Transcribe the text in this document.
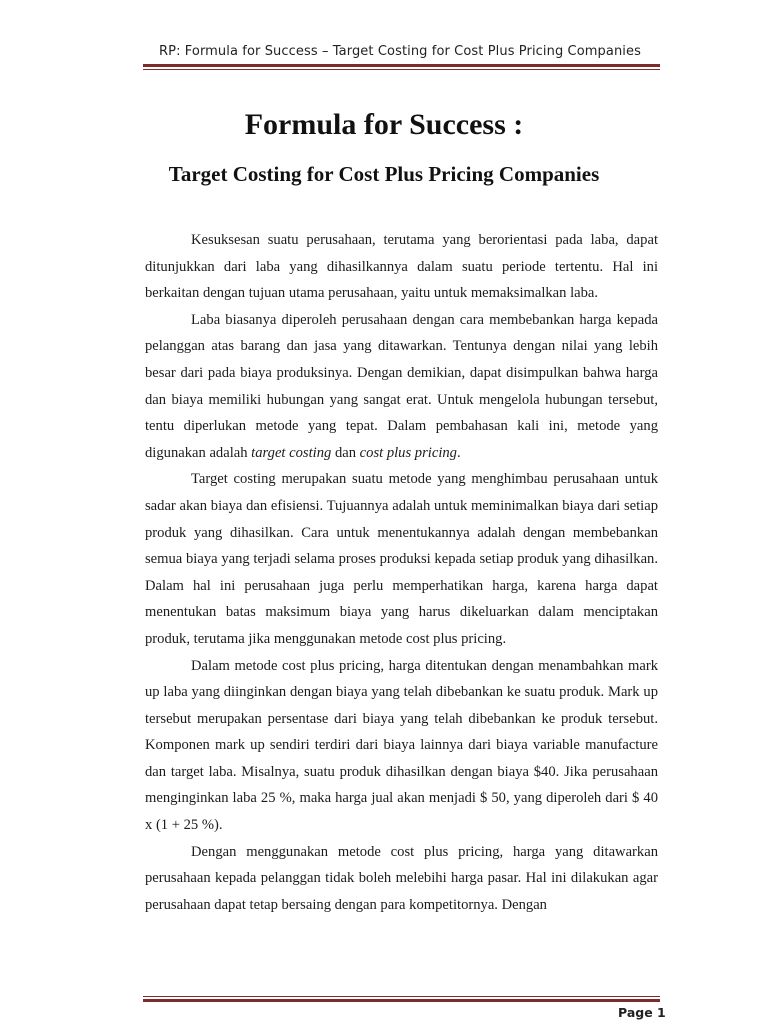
RP: Formula for Success – Target Costing for Cost Plus Pricing Companies
Formula for Success :
Target Costing for Cost Plus Pricing Companies

Kesuksesan suatu perusahaan, terutama yang berorientasi pada laba, dapat ditunjukkan dari laba yang dihasilkannya dalam suatu periode tertentu. Hal ini berkaitan dengan tujuan utama perusahaan, yaitu untuk memaksimalkan laba.

Laba biasanya diperoleh perusahaan dengan cara membebankan harga kepada pelanggan atas barang dan jasa yang ditawarkan. Tentunya dengan nilai yang lebih besar dari pada biaya produksinya. Dengan demikian, dapat disimpulkan bahwa harga dan biaya memiliki hubungan yang sangat erat. Untuk mengelola hubungan tersebut, tentu diperlukan metode yang tepat. Dalam pembahasan kali ini, metode yang digunakan adalah target costing dan cost plus pricing.

Target costing merupakan suatu metode yang menghimbau perusahaan untuk sadar akan biaya dan efisiensi. Tujuannya adalah untuk meminimalkan biaya dari setiap produk yang dihasilkan. Cara untuk menentukannya adalah dengan membebankan semua biaya yang terjadi selama proses produksi kepada setiap produk yang dihasilkan. Dalam hal ini perusahaan juga perlu memperhatikan harga, karena harga dapat menentukan batas maksimum biaya yang harus dikeluarkan dalam menciptakan produk, terutama jika menggunakan metode cost plus pricing.

Dalam metode cost plus pricing, harga ditentukan dengan menambahkan mark up laba yang diinginkan dengan biaya yang telah dibebankan ke suatu produk. Mark up tersebut merupakan persentase dari biaya yang telah dibebankan ke produk tersebut. Komponen mark up sendiri terdiri dari biaya lainnya dari biaya variable manufacture dan target laba. Misalnya, suatu produk dihasilkan dengan biaya $40. Jika perusahaan menginginkan laba 25 %, maka harga jual akan menjadi $ 50, yang diperoleh dari $ 40 x (1 + 25 %).

Dengan menggunakan metode cost plus pricing, harga yang ditawarkan perusahaan kepada pelanggan tidak boleh melebihi harga pasar. Hal ini dilakukan agar perusahaan dapat tetap bersaing dengan para kompetitornya. Dengan

Page 1
